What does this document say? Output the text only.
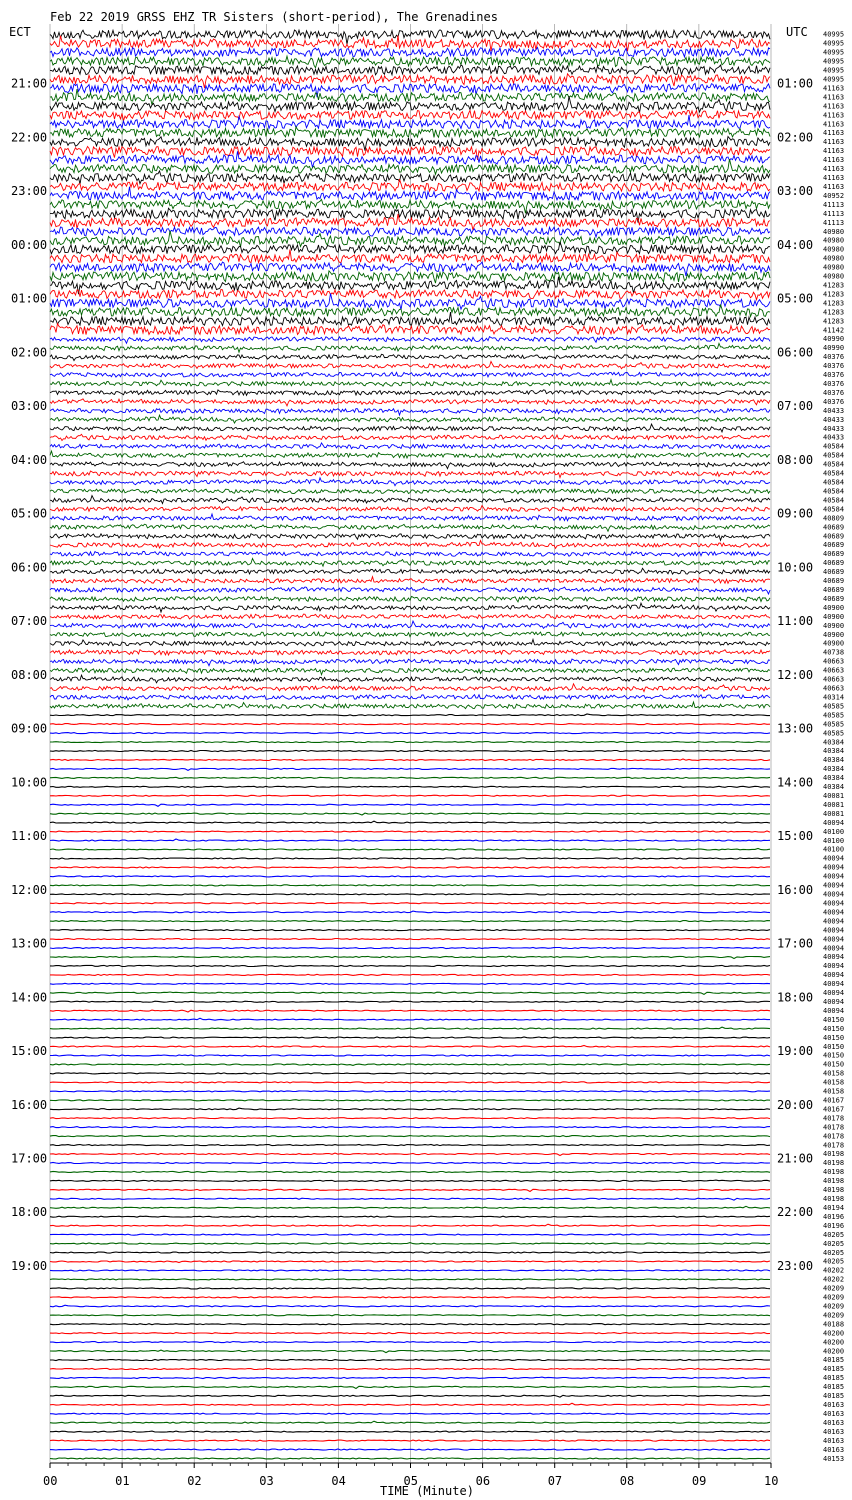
Feb 22 2019 GRSS EHZ TR Sisters (short-period), The Grenadines
ECT	UTC
TIME (Minute)
40995
40995
40995
40995
40995
40995
41163
41163
41163
41163
41163
41163
41163
41163
41163
41163
41163
41163
40952
41113
41113
41113
40980
40980
40980
40980
40980
40980
41283
41283
41283
41283
41283
41142
40990
40990
40376
40376
40376
40376
40376
40376
40433
40433
40433
40433
40584
40584
40584
40584
40584
40584
40584
40584
40809
40689
40689
40689
40689
40689
40689
40689
40689
40689
40900
40900
40900
40900
40900
40738
40663
40663
40663
40663
40314
40585
40585
40585
40585
40384
40384
40384
40384
40384
40384
40081
40081
40081
40094
40100
40100
40100
40094
40094
40094
40094
40094
40094
40094
40094
40094
40094
40094
40094
40094
40094
40094
40094
40094
40094
40150
40150
40150
40150
40150
40150
40158
40158
40158
40167
40167
40178
40178
40178
40178
40198
40198
40198
40198
40198
40198
40194
40196
40196
40205
40205
40205
40205
40202
40202
40209
40209
40209
40209
40188
40200
40200
40200
40185
40185
40185
40185
40185
40163
40163
40163
40163
40163
40163
40153
21:00
22:00
23:00
00:00
01:00
02:00
03:00
04:00
05:00
06:00
07:00
08:00
09:00
10:00
11:00
12:00
13:00
14:00
15:00
16:00
17:00
18:00
19:00
01:00
02:00
03:00
04:00
05:00
06:00
07:00
08:00
09:00
10:00
11:00
12:00
13:00
14:00
15:00
16:00
17:00
18:00
19:00
20:00
21:00
22:00
23:00
00	01	02	03	04	05	06	07	08	09	10
